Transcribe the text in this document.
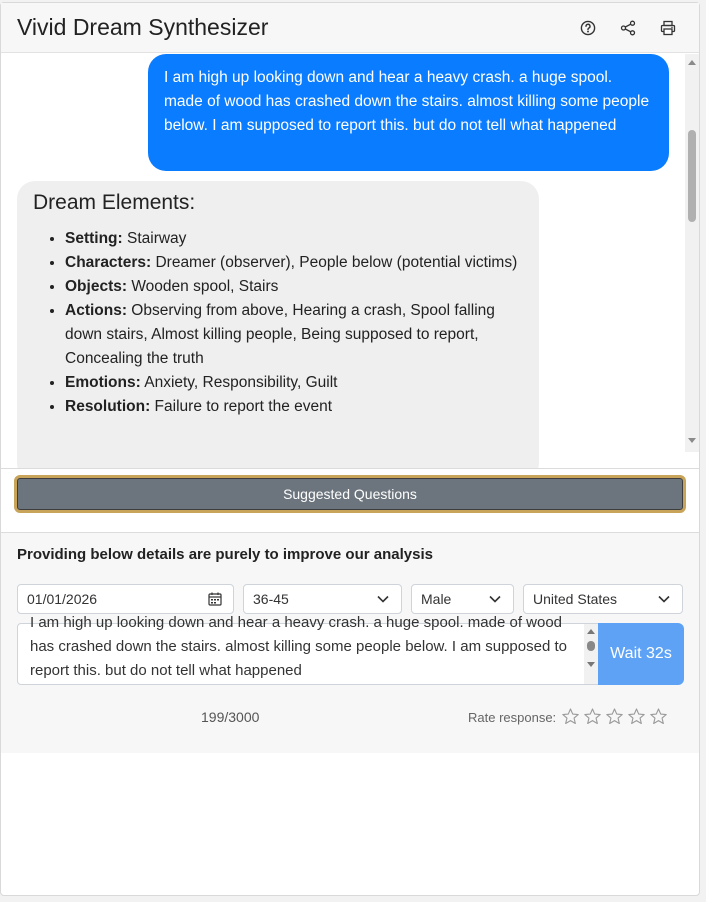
Vivid Dream Synthesizer
I am high up looking down and hear a heavy crash. a huge spool. made of wood has crashed down the stairs. almost killing some people below. I am supposed to report this. but do not tell what happened
Dream Elements:
• Setting: Stairway
• Characters: Dreamer (observer), People below (potential victims)
• Objects: Wooden spool, Stairs
• Actions: Observing from above, Hearing a crash, Spool falling down stairs, Almost killing people, Being supposed to report, Concealing the truth
• Emotions: Anxiety, Responsibility, Guilt
• Resolution: Failure to report the event
Suggested Questions
Providing below details are purely to improve our analysis
01/01/2026	36-45	Male	United States
I am high up looking down and hear a heavy crash. a huge spool. made of wood has crashed down the stairs. almost killing some people below. I am supposed to report this. but do not tell what happened
Wait 32s
199/3000	Rate response:
